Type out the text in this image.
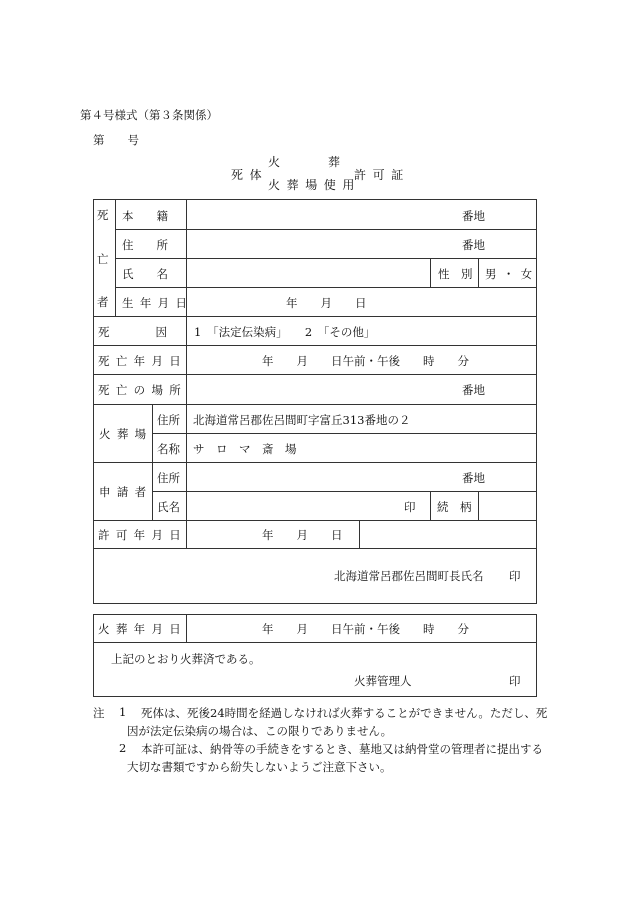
第４号様式（第３条関係）
第　　号
死体
火　　　　葬
火葬場使用
許可証
死
亡
者
本　　籍	番地
住　　所	番地
氏　　名	性　別 男・女
生年月日	年　　月　　日
死　　　　因 1　「法定伝染病」　　2　「その他」
死亡年月日	年　　月　　日午前・午後　　時　　分
死亡の場所	番地
火葬場
住所 北海道常呂郡佐呂間町字富丘313番地の２
名称 サ　ロ　マ　斎　場
申請者
住所	番地
氏名	印 続　柄
許可年月日	年　　月　　日
北海道常呂郡佐呂間町長氏名 印
火葬年月日	年　　月　　日午前・午後　　時　　分
上記のとおり火葬済である。
火葬管理人	印
注 1 死体は、死後24時間を経過しなければ火葬することができません。ただし、死
因が法定伝染病の場合は、この限りでありません。
2 本許可証は、納骨等の手続きをするとき、墓地又は納骨堂の管理者に提出する
大切な書類ですから紛失しないようご注意下さい。
